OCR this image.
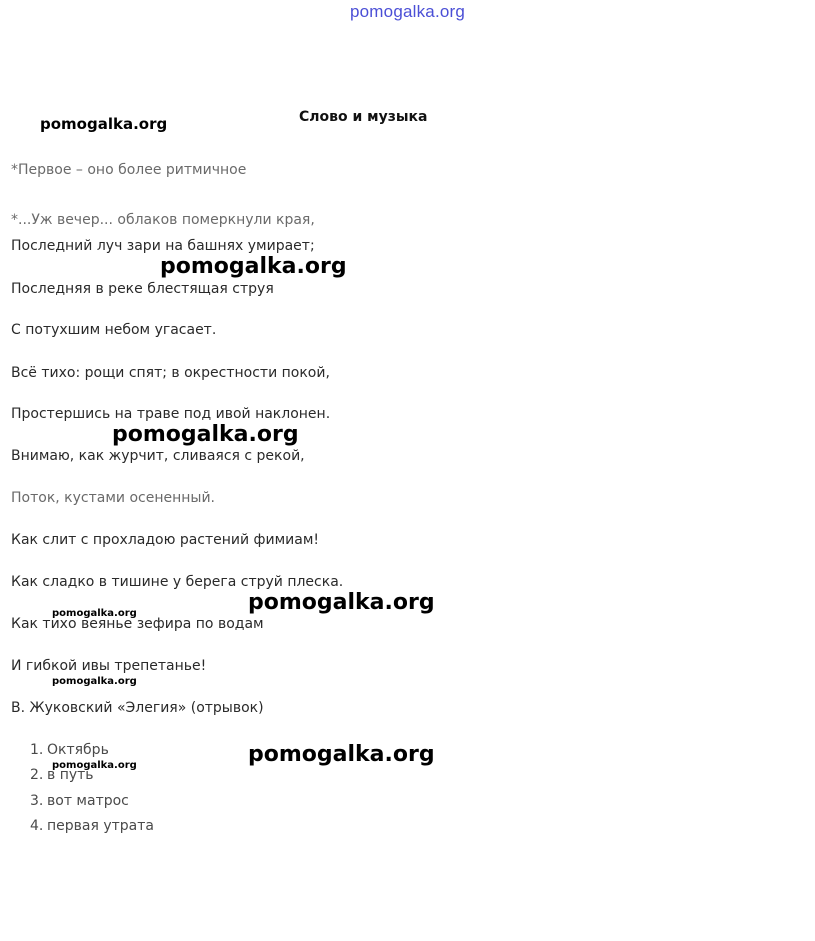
pomogalka.org
pomogalka.org	Слово и музыка
*Первое – оно более ритмичное
*...Уж вечер... облаков померкнули края,
Последний луч зари на башнях умирает;
Последняя в реке блестящая струя
С потухшим небом угасает.
Всё тихо: рощи спят; в окрестности покой,
Простершись на траве под ивой наклонен.
Внимаю, как журчит, сливаяся с рекой,
Поток, кустами осененный.
Как слит с прохладою растений фимиам!
Как сладко в тишине у берега струй плеска.
Как тихо веянье зефира по водам
И гибкой ивы трепетанье!
В. Жуковский «Элегия» (отрывок)
1. Октябрь
2. в путь
3. вот матрос
4. первая утрата
pomogalka.org
pomogalka.org
pomogalka.org
pomogalka.org
pomogalka.org
pomogalka.org
pomogalka.org
